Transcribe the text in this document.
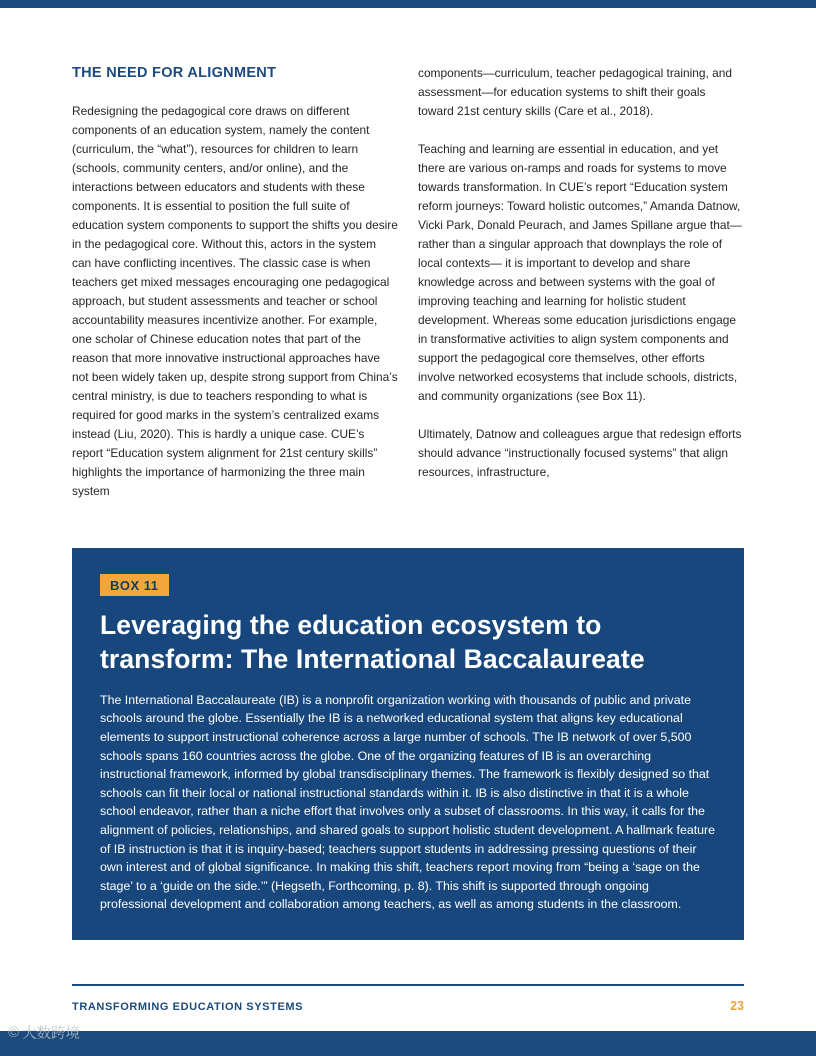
THE NEED FOR ALIGNMENT

Redesigning the pedagogical core draws on different components of an education system, namely the content (curriculum, the “what”), resources for children to learn (schools, community centers, and/or online), and the interactions between educators and students with these components. It is essential to position the full suite of education system components to support the shifts you desire in the pedagogical core. Without this, actors in the system can have conflicting incentives. The classic case is when teachers get mixed messages encouraging one pedagogical approach, but student assessments and teacher or school accountability measures incentivize another. For example, one scholar of Chinese education notes that part of the reason that more innovative instructional approaches have not been widely taken up, despite strong support from China’s central ministry, is due to teachers responding to what is required for good marks in the system’s centralized exams instead (Liu, 2020). This is hardly a unique case. CUE’s report “Education system alignment for 21st century skills” highlights the importance of harmonizing the three main system

components—curriculum, teacher pedagogical training, and assessment—for education systems to shift their goals toward 21st century skills (Care et al., 2018).

Teaching and learning are essential in education, and yet there are various on-ramps and roads for systems to move towards transformation. In CUE’s report “Education system reform journeys: Toward holistic outcomes,” Amanda Datnow, Vicki Park, Donald Peurach, and James Spillane argue that—rather than a singular approach that downplays the role of local contexts— it is important to develop and share knowledge across and between systems with the goal of improving teaching and learning for holistic student development. Whereas some education jurisdictions engage in transformative activities to align system components and support the pedagogical core themselves, other efforts involve networked ecosystems that include schools, districts, and community organizations (see Box 11).

Ultimately, Datnow and colleagues argue that redesign efforts should advance “instructionally focused systems” that align resources, infrastructure,

BOX 11
Leveraging the education ecosystem to transform: The International Baccalaureate

The International Baccalaureate (IB) is a nonprofit organization working with thousands of public and private schools around the globe. Essentially the IB is a networked educational system that aligns key educational elements to support instructional coherence across a large number of schools. The IB network of over 5,500 schools spans 160 countries across the globe. One of the organizing features of IB is an overarching instructional framework, informed by global transdisciplinary themes. The framework is flexibly designed so that schools can fit their local or national instructional standards within it. IB is also distinctive in that it is a whole school endeavor, rather than a niche effort that involves only a subset of classrooms. In this way, it calls for the alignment of policies, relationships, and shared goals to support holistic student development. A hallmark feature of IB instruction is that it is inquiry-based; teachers support students in addressing pressing questions of their own interest and of global significance. In making this shift, teachers report moving from “being a ‘sage on the stage’ to a ‘guide on the side.’” (Hegseth, Forthcoming, p. 8). This shift is supported through ongoing professional development and collaboration among teachers, as well as among students in the classroom.

TRANSFORMING EDUCATION SYSTEMS	23
© 大数跨境
